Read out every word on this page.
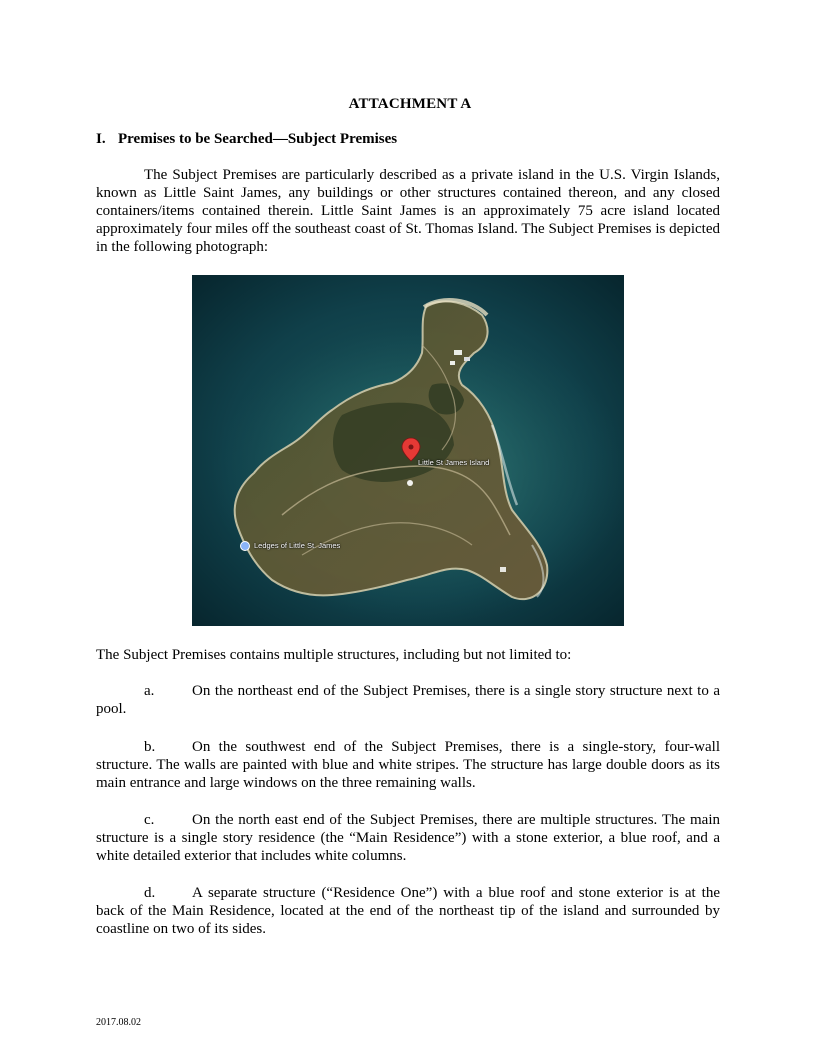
ATTACHMENT A
I. Premises to be Searched—Subject Premises

The Subject Premises are particularly described as a private island in the U.S. Virgin Islands, known as Little Saint James, any buildings or other structures contained thereon, and any closed containers/items contained therein. Little Saint James is an approximately 75 acre island located approximately four miles off the southeast coast of St. Thomas Island. The Subject Premises is depicted in the following photograph:

Little St James Island
Ledges of Little St. James

The Subject Premises contains multiple structures, including but not limited to:

a.	On the northeast end of the Subject Premises, there is a single story structure next to a pool.

b. On the southwest end of the Subject Premises, there is a single-story, four-wall structure. The walls are painted with blue and white stripes. The structure has large double doors as its main entrance and large windows on the three remaining walls.

c.	On the north east end of the Subject Premises, there are multiple structures. The main structure is a single story residence (the “Main Residence”) with a stone exterior, a blue roof, and a white detailed exterior that includes white columns.

d. A separate structure (“Residence One”) with a blue roof and stone exterior is at the back of the Main Residence, located at the end of the northeast tip of the island and surrounded by coastline on two of its sides.

2017.08.02
